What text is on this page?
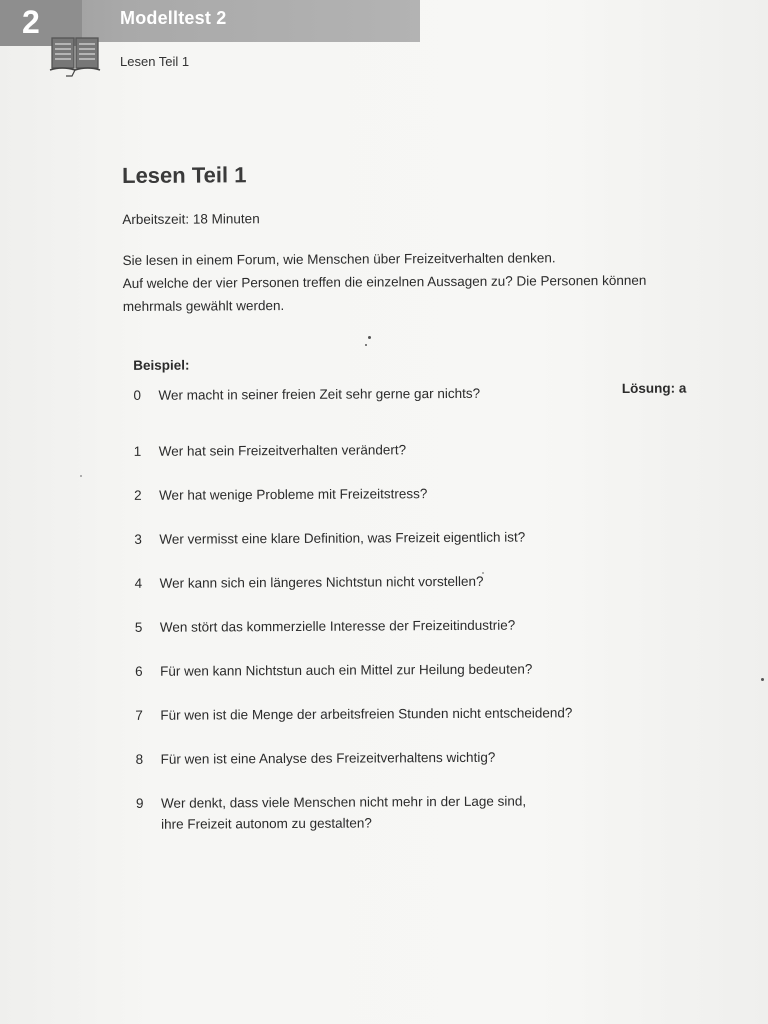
2	Modelltest 2
Lesen Teil 1
Lesen Teil 1
Arbeitszeit: 18 Minuten

Sie lesen in einem Forum, wie Menschen über Freizeitverhalten denken.

Auf welche der vier Personen treffen die einzelnen Aussagen zu? Die Personen können mehrmals gewählt werden.

Beispiel:
0	Wer macht in seiner freien Zeit sehr gerne gar nichts?	Lösung: a
1	Wer hat sein Freizeitverhalten verändert?
2	Wer hat wenige Probleme mit Freizeitstress?
3	Wer vermisst eine klare Definition, was Freizeit eigentlich ist?
4	Wer kann sich ein längeres Nichtstun nicht vorstellen?
5	Wen stört das kommerzielle Interesse der Freizeitindustrie?
6	Für wen kann Nichtstun auch ein Mittel zur Heilung bedeuten?
7	Für wen ist die Menge der arbeitsfreien Stunden nicht entscheidend?
8	Für wen ist eine Analyse des Freizeitverhaltens wichtig?
9	Wer denkt, dass viele Menschen nicht mehr in der Lage sind,
ihre Freizeit autonom zu gestalten?
